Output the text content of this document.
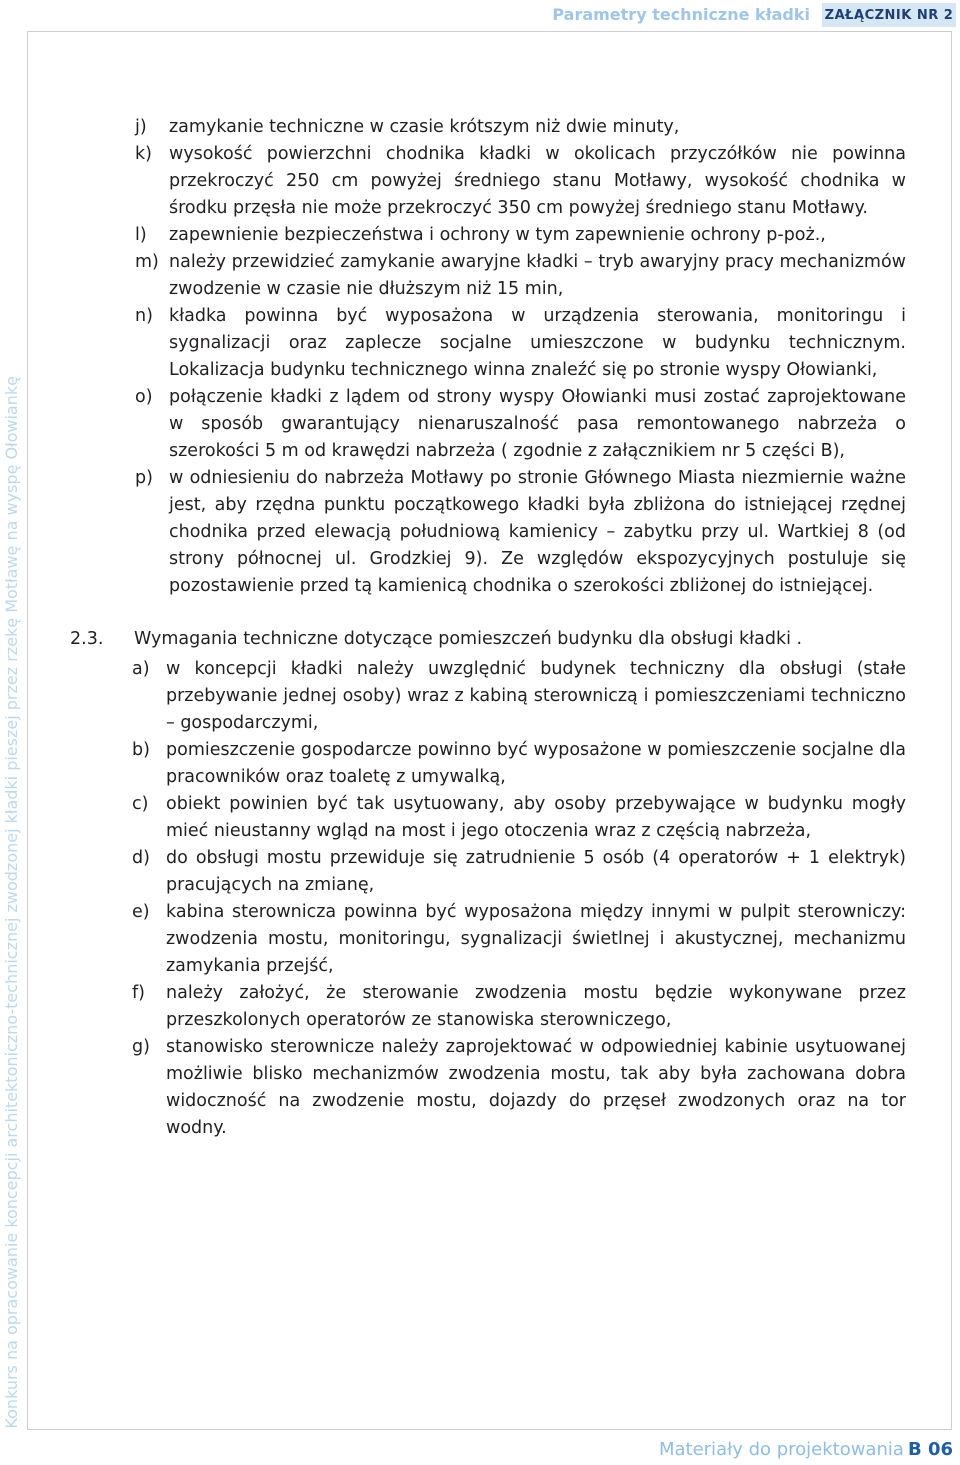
Parametry techniczne kładki ZAŁĄCZNIK NR 2
Konkurs na opracowanie koncepcji architektoniczno-technicznej zwodzonej kładki pieszej przez rzekę Motławę na wyspę Ołowiankę
j) zamykanie techniczne w czasie krótszym niż dwie minuty,
k) wysokość powierzchni chodnika kładki w okolicach przyczółków nie powinna przekroczyć 250 cm powyżej średniego stanu Motławy, wysokość chodnika w środku przęsła nie może przekroczyć 350 cm powyżej średniego stanu Motławy.
l) zapewnienie bezpieczeństwa i ochrony w tym zapewnienie ochrony p-poż.,
m) należy przewidzieć zamykanie awaryjne kładki – tryb awaryjny pracy mechanizmów zwodzenie w czasie nie dłuższym niż 15 min,
n) kładka powinna być wyposażona w urządzenia sterowania, monitoringu i sygnalizacji oraz zaplecze socjalne umieszczone w budynku technicznym. Lokalizacja budynku technicznego winna znaleźć się po stronie wyspy Ołowianki,
o) połączenie kładki z lądem od strony wyspy Ołowianki musi zostać zaprojektowane w sposób gwarantujący nienaruszalność pasa remontowanego nabrzeża o szerokości 5 m od krawędzi nabrzeża ( zgodnie z załącznikiem nr 5 części B),
p) w odniesieniu do nabrzeża Motławy po stronie Głównego Miasta niezmiernie ważne jest, aby rzędna punktu początkowego kładki była zbliżona do istniejącej rzędnej chodnika przed elewacją południową kamienicy – zabytku przy ul. Wartkiej 8 (od strony północnej ul. Grodzkiej 9). Ze względów ekspozycyjnych postuluje się pozostawienie przed tą kamienicą chodnika o szerokości zbliżonej do istniejącej.
2.3. Wymagania techniczne dotyczące pomieszczeń budynku dla obsługi kładki .
a) w koncepcji kładki należy uwzględnić budynek techniczny dla obsługi (stałe przebywanie jednej osoby) wraz z kabiną sterowniczą i pomieszczeniami techniczno – gospodarczymi,
b) pomieszczenie gospodarcze powinno być wyposażone w pomieszczenie socjalne dla pracowników oraz toaletę z umywalką,
c) obiekt powinien być tak usytuowany, aby osoby przebywające w budynku mogły mieć nieustanny wgląd na most i jego otoczenia wraz z częścią nabrzeża,
d) do obsługi mostu przewiduje się zatrudnienie 5 osób (4 operatorów + 1 elektryk) pracujących na zmianę,
e) kabina sterownicza powinna być wyposażona między innymi w pulpit sterowniczy: zwodzenia mostu, monitoringu, sygnalizacji świetlnej i akustycznej, mechanizmu zamykania przejść,
f) należy założyć, że sterowanie zwodzenia mostu będzie wykonywane przez przeszkolonych operatorów ze stanowiska sterowniczego,
g) stanowisko sterownicze należy zaprojektować w odpowiedniej kabinie usytuowanej możliwie blisko mechanizmów zwodzenia mostu, tak aby była zachowana dobra widoczność na zwodzenie mostu, dojazdy do przęseł zwodzonych oraz na tor wodny.
Materiały do projektowania B 06
